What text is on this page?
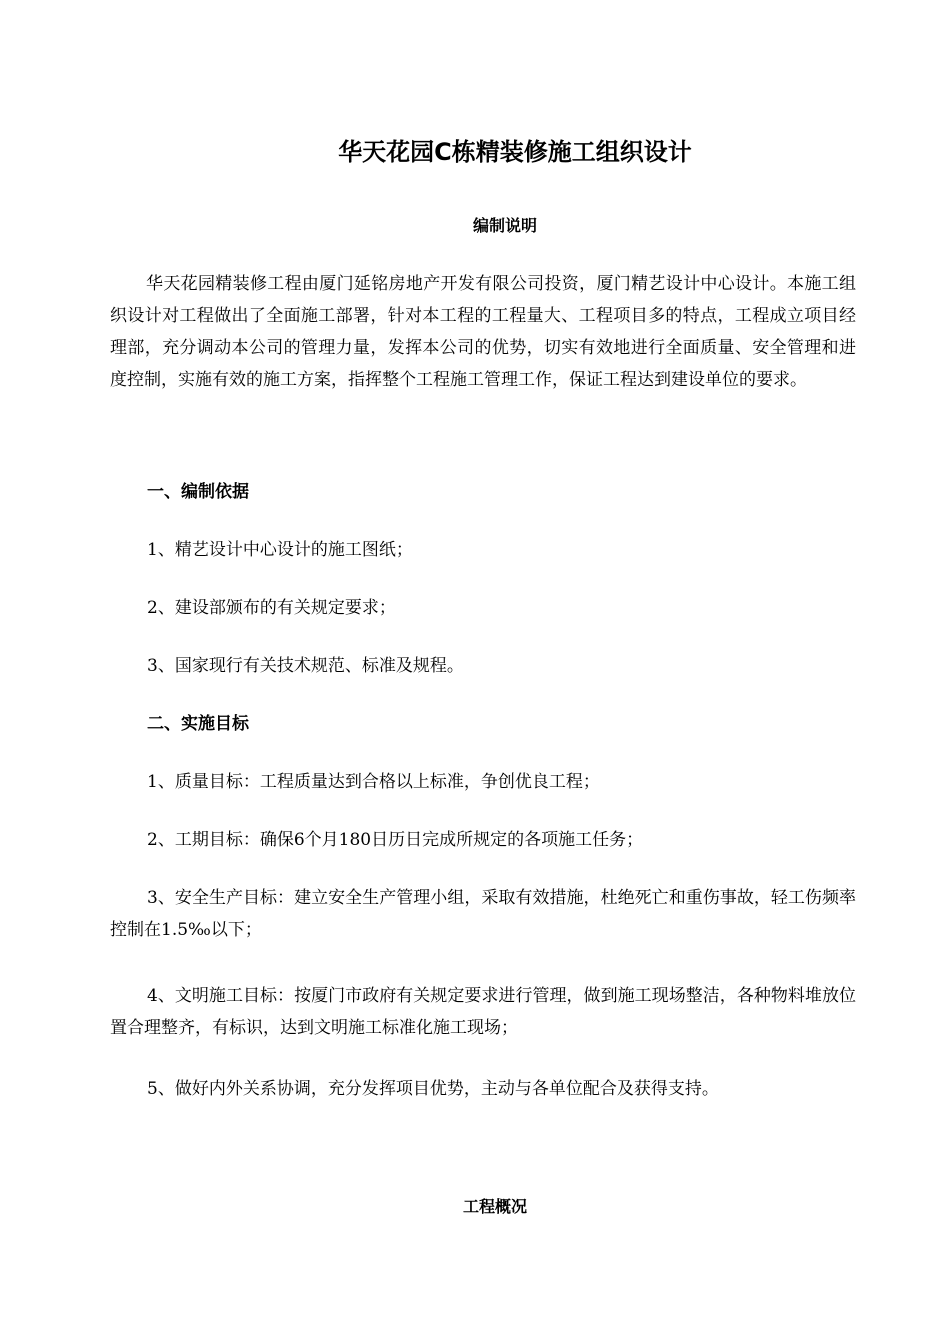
华天花园C栋精装修施工组织设计
编制说明

华天花园精装修工程由厦门延铭房地产开发有限公司投资，厦门精艺设计中心设计。本施工组织设计对工程做出了全面施工部署，针对本工程的工程量大、工程项目多的特点，工程成立项目经理部，充分调动本公司的管理力量，发挥本公司的优势，切实有效地进行全面质量、安全管理和进度控制，实施有效的施工方案，指挥整个工程施工管理工作，保证工程达到建设单位的要求。

一、编制依据

1、精艺设计中心设计的施工图纸；

2、建设部颁布的有关规定要求；

3、国家现行有关技术规范、标准及规程。

二、实施目标

1、质量目标：工程质量达到合格以上标准，争创优良工程；

2、工期目标：确保6个月180日历日完成所规定的各项施工任务；

3、安全生产目标：建立安全生产管理小组，采取有效措施，杜绝死亡和重伤事故，轻工伤频率控制在1.5‰以下；

4、文明施工目标：按厦门市政府有关规定要求进行管理，做到施工现场整洁，各种物料堆放位置合理整齐，有标识，达到文明施工标准化施工现场；

5、做好内外关系协调，充分发挥项目优势，主动与各单位配合及获得支持。

工程概况
